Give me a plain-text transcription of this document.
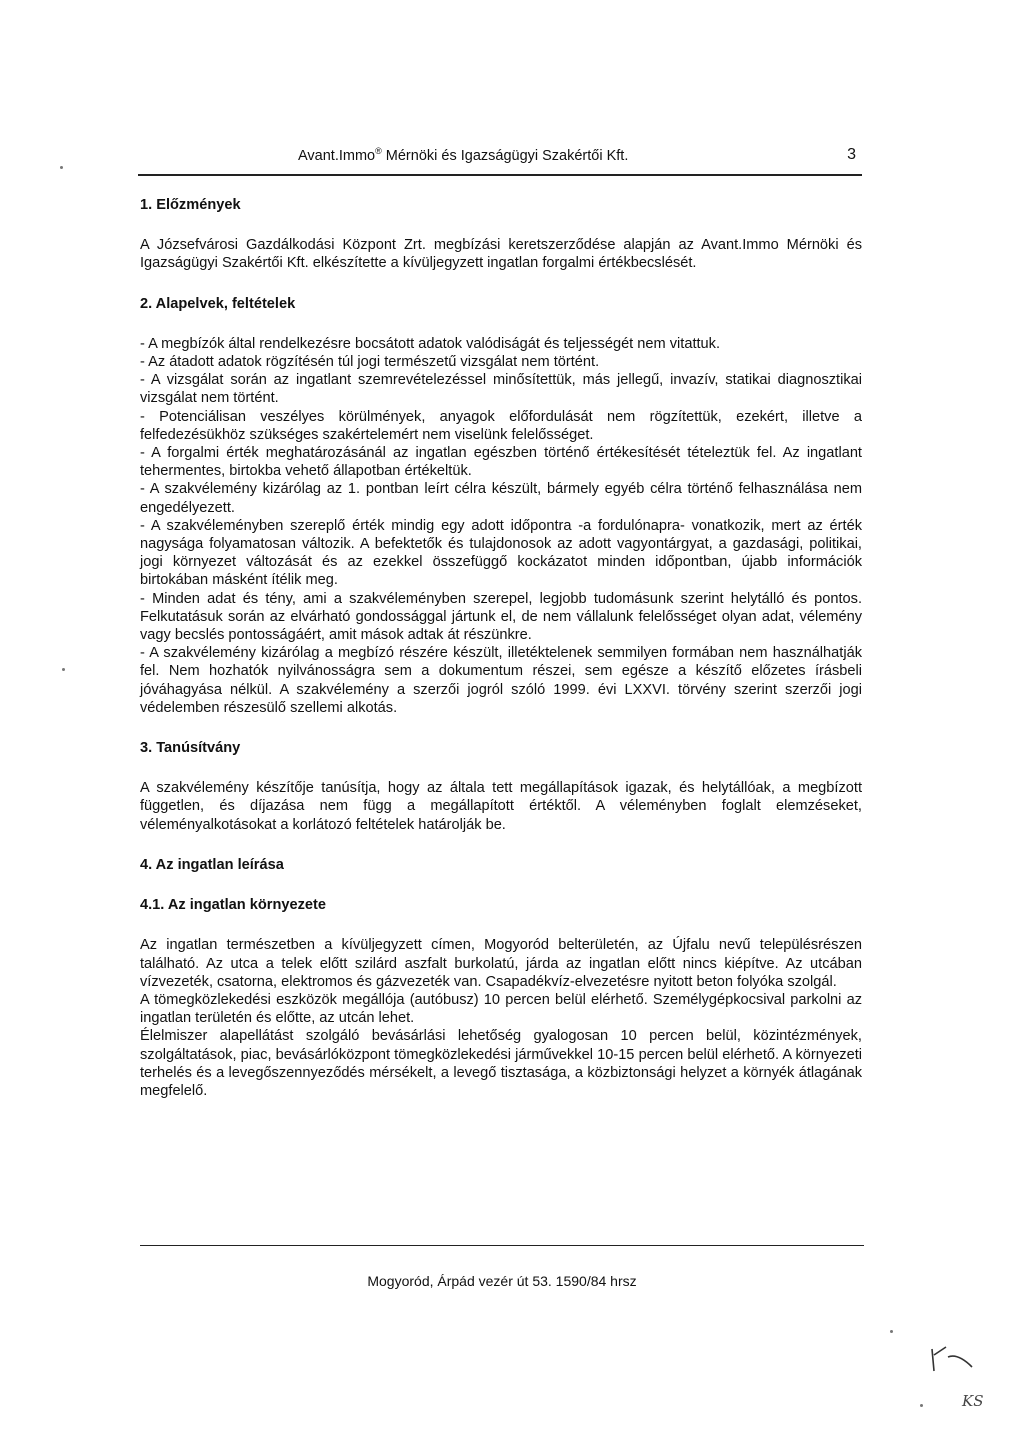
Avant.Immo® Mérnöki és Igazságügyi Szakértői Kft.	3
1. Előzmények

A Józsefvárosi Gazdálkodási Központ Zrt. megbízási keretszerződése alapján az Avant.Immo Mérnöki és Igazságügyi Szakértői Kft. elkészítette a kívüljegyzett ingatlan forgalmi értékbecslését.

2. Alapelvek, feltételek

- A megbízók által rendelkezésre bocsátott adatok valódiságát és teljességét nem vitattuk.

- Az átadott adatok rögzítésén túl jogi természetű vizsgálat nem történt.

- A vizsgálat során az ingatlant szemrevételezéssel minősítettük, más jellegű, invazív, statikai diagnosztikai vizsgálat nem történt.

- Potenciálisan veszélyes körülmények, anyagok előfordulását nem rögzítettük, ezekért, illetve a felfedezésükhöz szükséges szakértelemért nem viselünk felelősséget.

- A forgalmi érték meghatározásánál az ingatlan egészben történő értékesítését tételeztük fel. Az ingatlant tehermentes, birtokba vehető állapotban értékeltük.

- A szakvélemény kizárólag az 1. pontban leírt célra készült, bármely egyéb célra történő felhasználása nem engedélyezett.

- A szakvéleményben szereplő érték mindig egy adott időpontra -a fordulónapra- vonatkozik, mert az érték nagysága folyamatosan változik. A befektetők és tulajdonosok az adott vagyontárgyat, a gazdasági, politikai, jogi környezet változását és az ezekkel összefüggő kockázatot minden időpontban, újabb információk birtokában másként ítélik meg.

- Minden adat és tény, ami a szakvéleményben szerepel, legjobb tudomásunk szerint helytálló és pontos. Felkutatásuk során az elvárható gondossággal jártunk el, de nem vállalunk felelősséget olyan adat, vélemény vagy becslés pontosságáért, amit mások adtak át részünkre.

- A szakvélemény kizárólag a megbízó részére készült, illetéktelenek semmilyen formában nem használhatják fel. Nem hozhatók nyilvánosságra sem a dokumentum részei, sem egésze a készítő előzetes írásbeli jóváhagyása nélkül. A szakvélemény a szerzői jogról szóló 1999. évi LXXVI. törvény szerint szerzői jogi védelemben részesülő szellemi alkotás.

3. Tanúsítvány

A szakvélemény készítője tanúsítja, hogy az általa tett megállapítások igazak, és helytállóak, a megbízott független, és díjazása nem függ a megállapított értéktől. A véleményben foglalt elemzéseket, véleményalkotásokat a korlátozó feltételek határolják be.

4. Az ingatlan leírása
4.1. Az ingatlan környezete

Az ingatlan természetben a kívüljegyzett címen, Mogyoród belterületén, az Újfalu nevű településrészen található. Az utca a telek előtt szilárd aszfalt burkolatú, járda az ingatlan előtt nincs kiépítve. Az utcában vízvezeték, csatorna, elektromos és gázvezeték van. Csapadékvíz-elvezetésre nyitott beton folyóka szolgál.

A tömegközlekedési eszközök megállója (autóbusz) 10 percen belül elérhető. Személygépkocsival parkolni az ingatlan területén és előtte, az utcán lehet.

Élelmiszer alapellátást szolgáló bevásárlási lehetőség gyalogosan 10 percen belül, közintézmények, szolgáltatások, piac, bevásárlóközpont tömegközlekedési járművekkel 10-15 percen belül elérhető. A környezeti terhelés és a levegőszennyeződés mérsékelt, a levegő tisztasága, a közbiztonsági helyzet a környék átlagának megfelelő.

Mogyoród, Árpád vezér út 53. 1590/84 hrsz
KS
